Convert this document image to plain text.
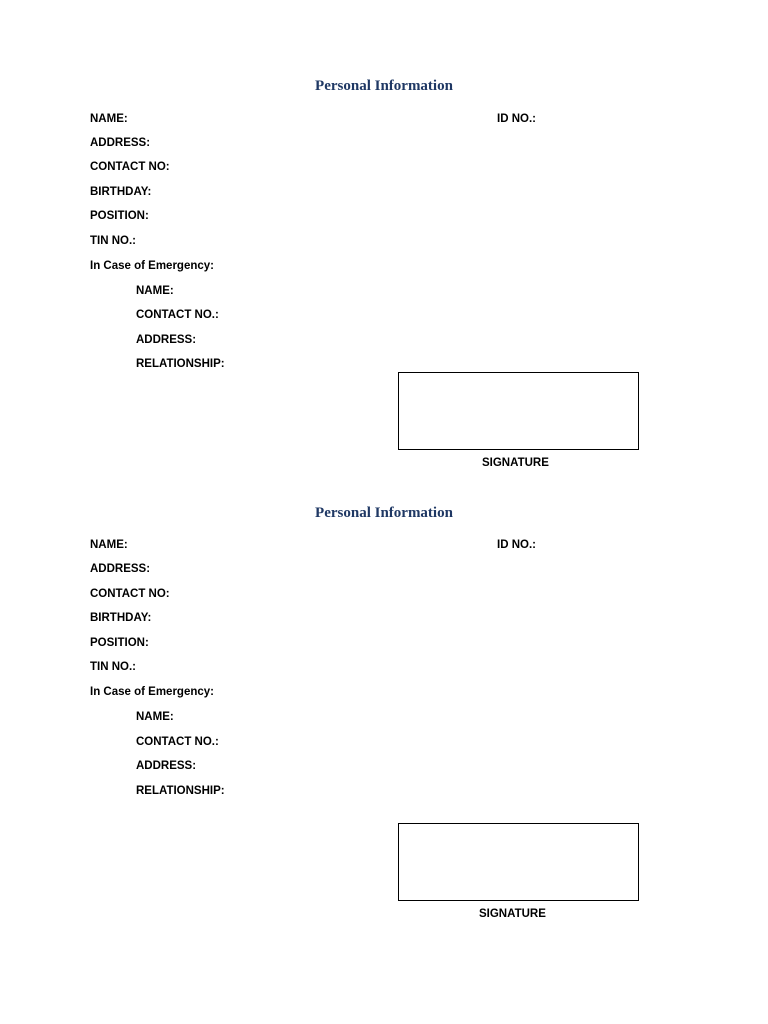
Personal Information
NAME:	ID NO.:
ADDRESS:
CONTACT NO:
BIRTHDAY:
POSITION:
TIN NO.:
In Case of Emergency:
NAME:
CONTACT NO.:
ADDRESS:
RELATIONSHIP:
SIGNATURE
Personal Information
NAME:	ID NO.:
ADDRESS:
CONTACT NO:
BIRTHDAY:
POSITION:
TIN NO.:
In Case of Emergency:
NAME:
CONTACT NO.:
ADDRESS:
RELATIONSHIP:
SIGNATURE
